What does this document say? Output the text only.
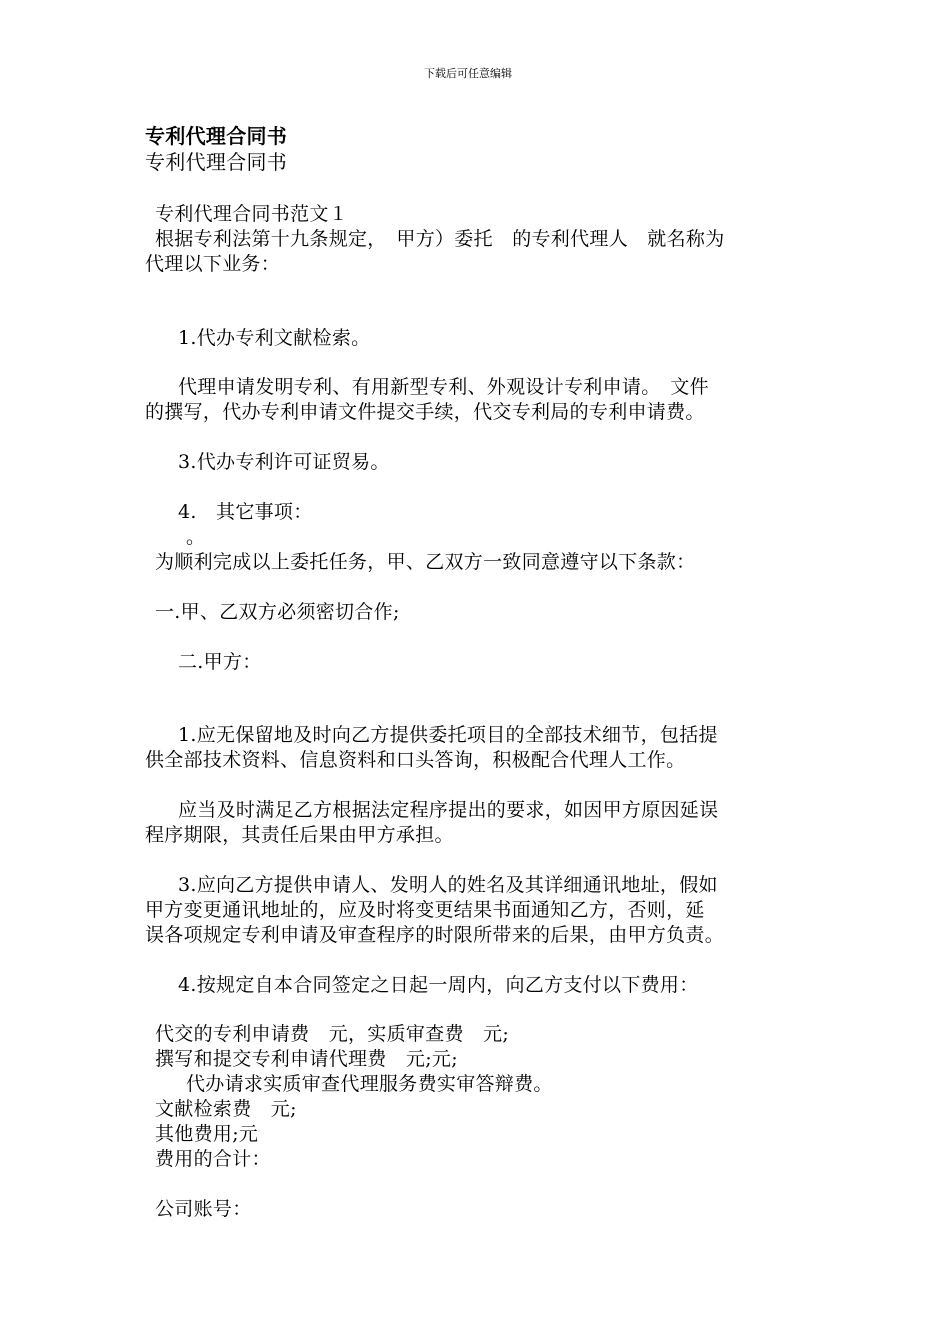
下载后可任意编辑
专利代理合同书
专利代理合同书
专利代理合同书范文１
根据专利法第十九条规定，　甲方）委托　的专利代理人　就名称为
代理以下业务：
1.代办专利文献检索。
代理申请发明专利、有用新型专利、外观设计专利申请。　文件
的撰写，代办专利申请文件提交手续，代交专利局的专利申请费。
3.代办专利许可证贸易。
4.　其它事项：
。
为顺利完成以上委托任务，甲、乙双方一致同意遵守以下条款：
一.甲、乙双方必须密切合作;
二.甲方：
1.应无保留地及时向乙方提供委托项目的全部技术细节，包括提
供全部技术资料、信息资料和口头答询，积极配合代理人工作。
应当及时满足乙方根据法定程序提出的要求，如因甲方原因延误
程序期限，其责任后果由甲方承担。
3.应向乙方提供申请人、发明人的姓名及其详细通讯地址，假如
甲方变更通讯地址的，应及时将变更结果书面通知乙方，否则，延
误各项规定专利申请及审查程序的时限所带来的后果，由甲方负责。
4.按规定自本合同签定之日起一周内，向乙方支付以下费用：
代交的专利申请费　元，实质审查费　元;
撰写和提交专利申请代理费　元;元;
代办请求实质审查代理服务费实审答辩费。
文献检索费　元;
其他费用;元
费用的合计：
公司账号：
